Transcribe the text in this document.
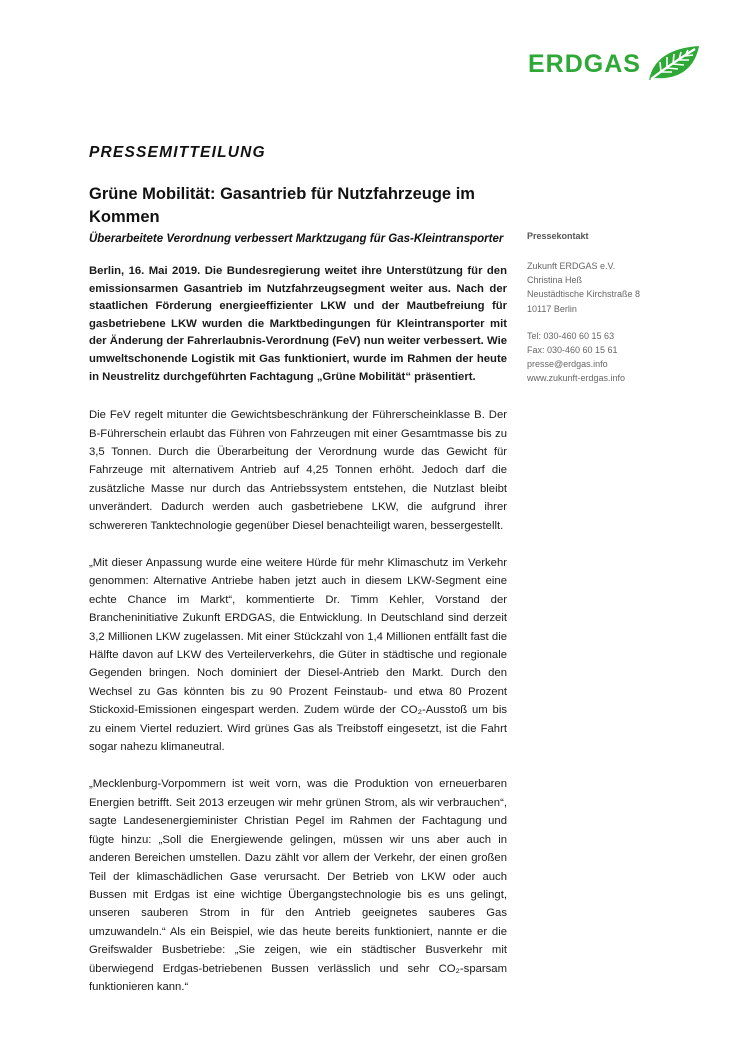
ERDGAS
PRESSEMITTEILUNG
Grüne Mobilität: Gasantrieb für Nutzfahrzeuge im Kommen
Überarbeitete Verordnung verbessert Marktzugang für Gas-Kleintransporter

Berlin, 16. Mai 2019. Die Bundesregierung weitet ihre Unterstützung für den emissionsarmen Gasantrieb im Nutzfahrzeugsegment weiter aus. Nach der staatlichen Förderung energieeffizienter LKW und der Mautbefreiung für gasbetriebene LKW wurden die Marktbedingungen für Kleintransporter mit der Änderung der Fahrerlaubnis-Verordnung (FeV) nun weiter verbessert. Wie umweltschonende Logistik mit Gas funktioniert, wurde im Rahmen der heute in Neustrelitz durchgeführten Fachtagung „Grüne Mobilität“ präsentiert.

Die FeV regelt mitunter die Gewichtsbeschränkung der Führerscheinklasse B. Der B-Führerschein erlaubt das Führen von Fahrzeugen mit einer Gesamtmasse bis zu 3,5 Tonnen. Durch die Überarbeitung der Verordnung wurde das Gewicht für Fahrzeuge mit alternativem Antrieb auf 4,25 Tonnen erhöht. Jedoch darf die zusätzliche Masse nur durch das Antriebssystem entstehen, die Nutzlast bleibt unverändert. Dadurch werden auch gasbetriebene LKW, die aufgrund ihrer schwereren Tanktechnologie gegenüber Diesel benachteiligt waren, bessergestellt.

„Mit dieser Anpassung wurde eine weitere Hürde für mehr Klimaschutz im Verkehr genommen: Alternative Antriebe haben jetzt auch in diesem LKW-Segment eine echte Chance im Markt“, kommentierte Dr. Timm Kehler, Vorstand der Brancheninitiative Zukunft ERDGAS, die Entwicklung. In Deutschland sind derzeit 3,2 Millionen LKW zugelassen. Mit einer Stückzahl von 1,4 Millionen entfällt fast die Hälfte davon auf LKW des Verteilerverkehrs, die Güter in städtische und regionale Gegenden bringen. Noch dominiert der Diesel-Antrieb den Markt. Durch den Wechsel zu Gas könnten bis zu 90 Prozent Feinstaub- und etwa 80 Prozent Stickoxid-Emissionen eingespart werden. Zudem würde der CO₂-Ausstoß um bis zu einem Viertel reduziert. Wird grünes Gas als Treibstoff eingesetzt, ist die Fahrt sogar nahezu klimaneutral.

„Mecklenburg-Vorpommern ist weit vorn, was die Produktion von erneuerbaren Energien betrifft. Seit 2013 erzeugen wir mehr grünen Strom, als wir verbrauchen“, sagte Landesenergieminister Christian Pegel im Rahmen der Fachtagung und fügte hinzu: „Soll die Energiewende gelingen, müssen wir uns aber auch in anderen Bereichen umstellen. Dazu zählt vor allem der Verkehr, der einen großen Teil der klimaschädlichen Gase verursacht. Der Betrieb von LKW oder auch Bussen mit Erdgas ist eine wichtige Übergangstechnologie bis es uns gelingt, unseren sauberen Strom in für den Antrieb geeignetes sauberes Gas umzuwandeln.“ Als ein Beispiel, wie das heute bereits funktioniert, nannte er die Greifswalder Busbetriebe: „Sie zeigen, wie ein städtischer Busverkehr mit überwiegend Erdgas-betriebenen Bussen verlässlich und sehr CO₂-sparsam funktionieren kann.“

Pressekontakt
Zukunft ERDGAS e.V.
Christina Heß
Neustädtische Kirchstraße 8
10117 Berlin
Tel: 030-460 60 15 63
Fax: 030-460 60 15 61
presse@erdgas.info
www.zukunft-erdgas.info
